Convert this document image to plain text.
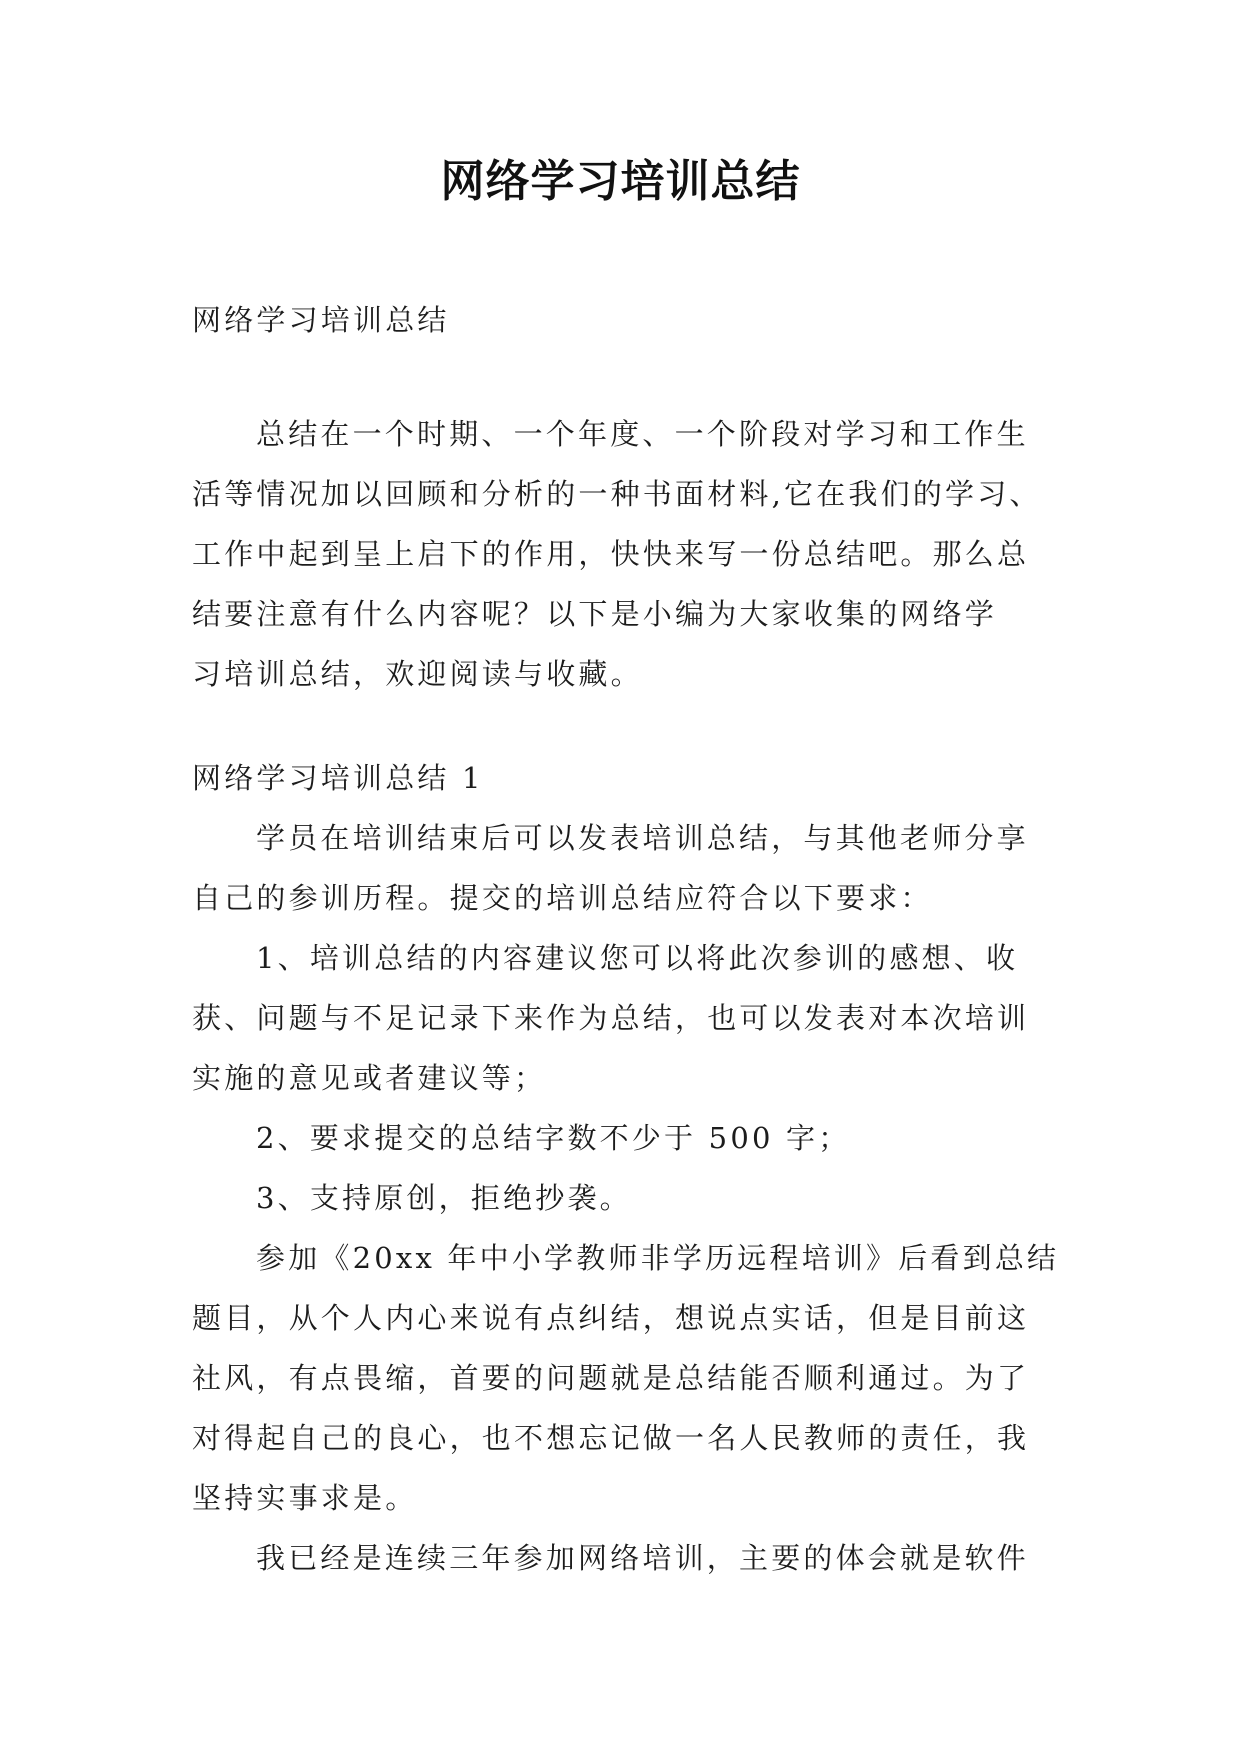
网络学习培训总结
网络学习培训总结
总结在一个时期、一个年度、一个阶段对学习和工作生
活等情况加以回顾和分析的一种书面材料,它在我们的学习、
工作中起到呈上启下的作用，快快来写一份总结吧。那么总
结要注意有什么内容呢？以下是小编为大家收集的网络学
习培训总结，欢迎阅读与收藏。
网络学习培训总结 1
学员在培训结束后可以发表培训总结，与其他老师分享
自己的参训历程。提交的培训总结应符合以下要求：
1、培训总结的内容建议您可以将此次参训的感想、收
获、问题与不足记录下来作为总结，也可以发表对本次培训
实施的意见或者建议等；
2、要求提交的总结字数不少于 500 字；
3、支持原创，拒绝抄袭。
参加《20xx 年中小学教师非学历远程培训》后看到总结
题目，从个人内心来说有点纠结，想说点实话，但是目前这
社风，有点畏缩，首要的问题就是总结能否顺利通过。为了
对得起自己的良心，也不想忘记做一名人民教师的责任，我
坚持实事求是。
我已经是连续三年参加网络培训，主要的体会就是软件
